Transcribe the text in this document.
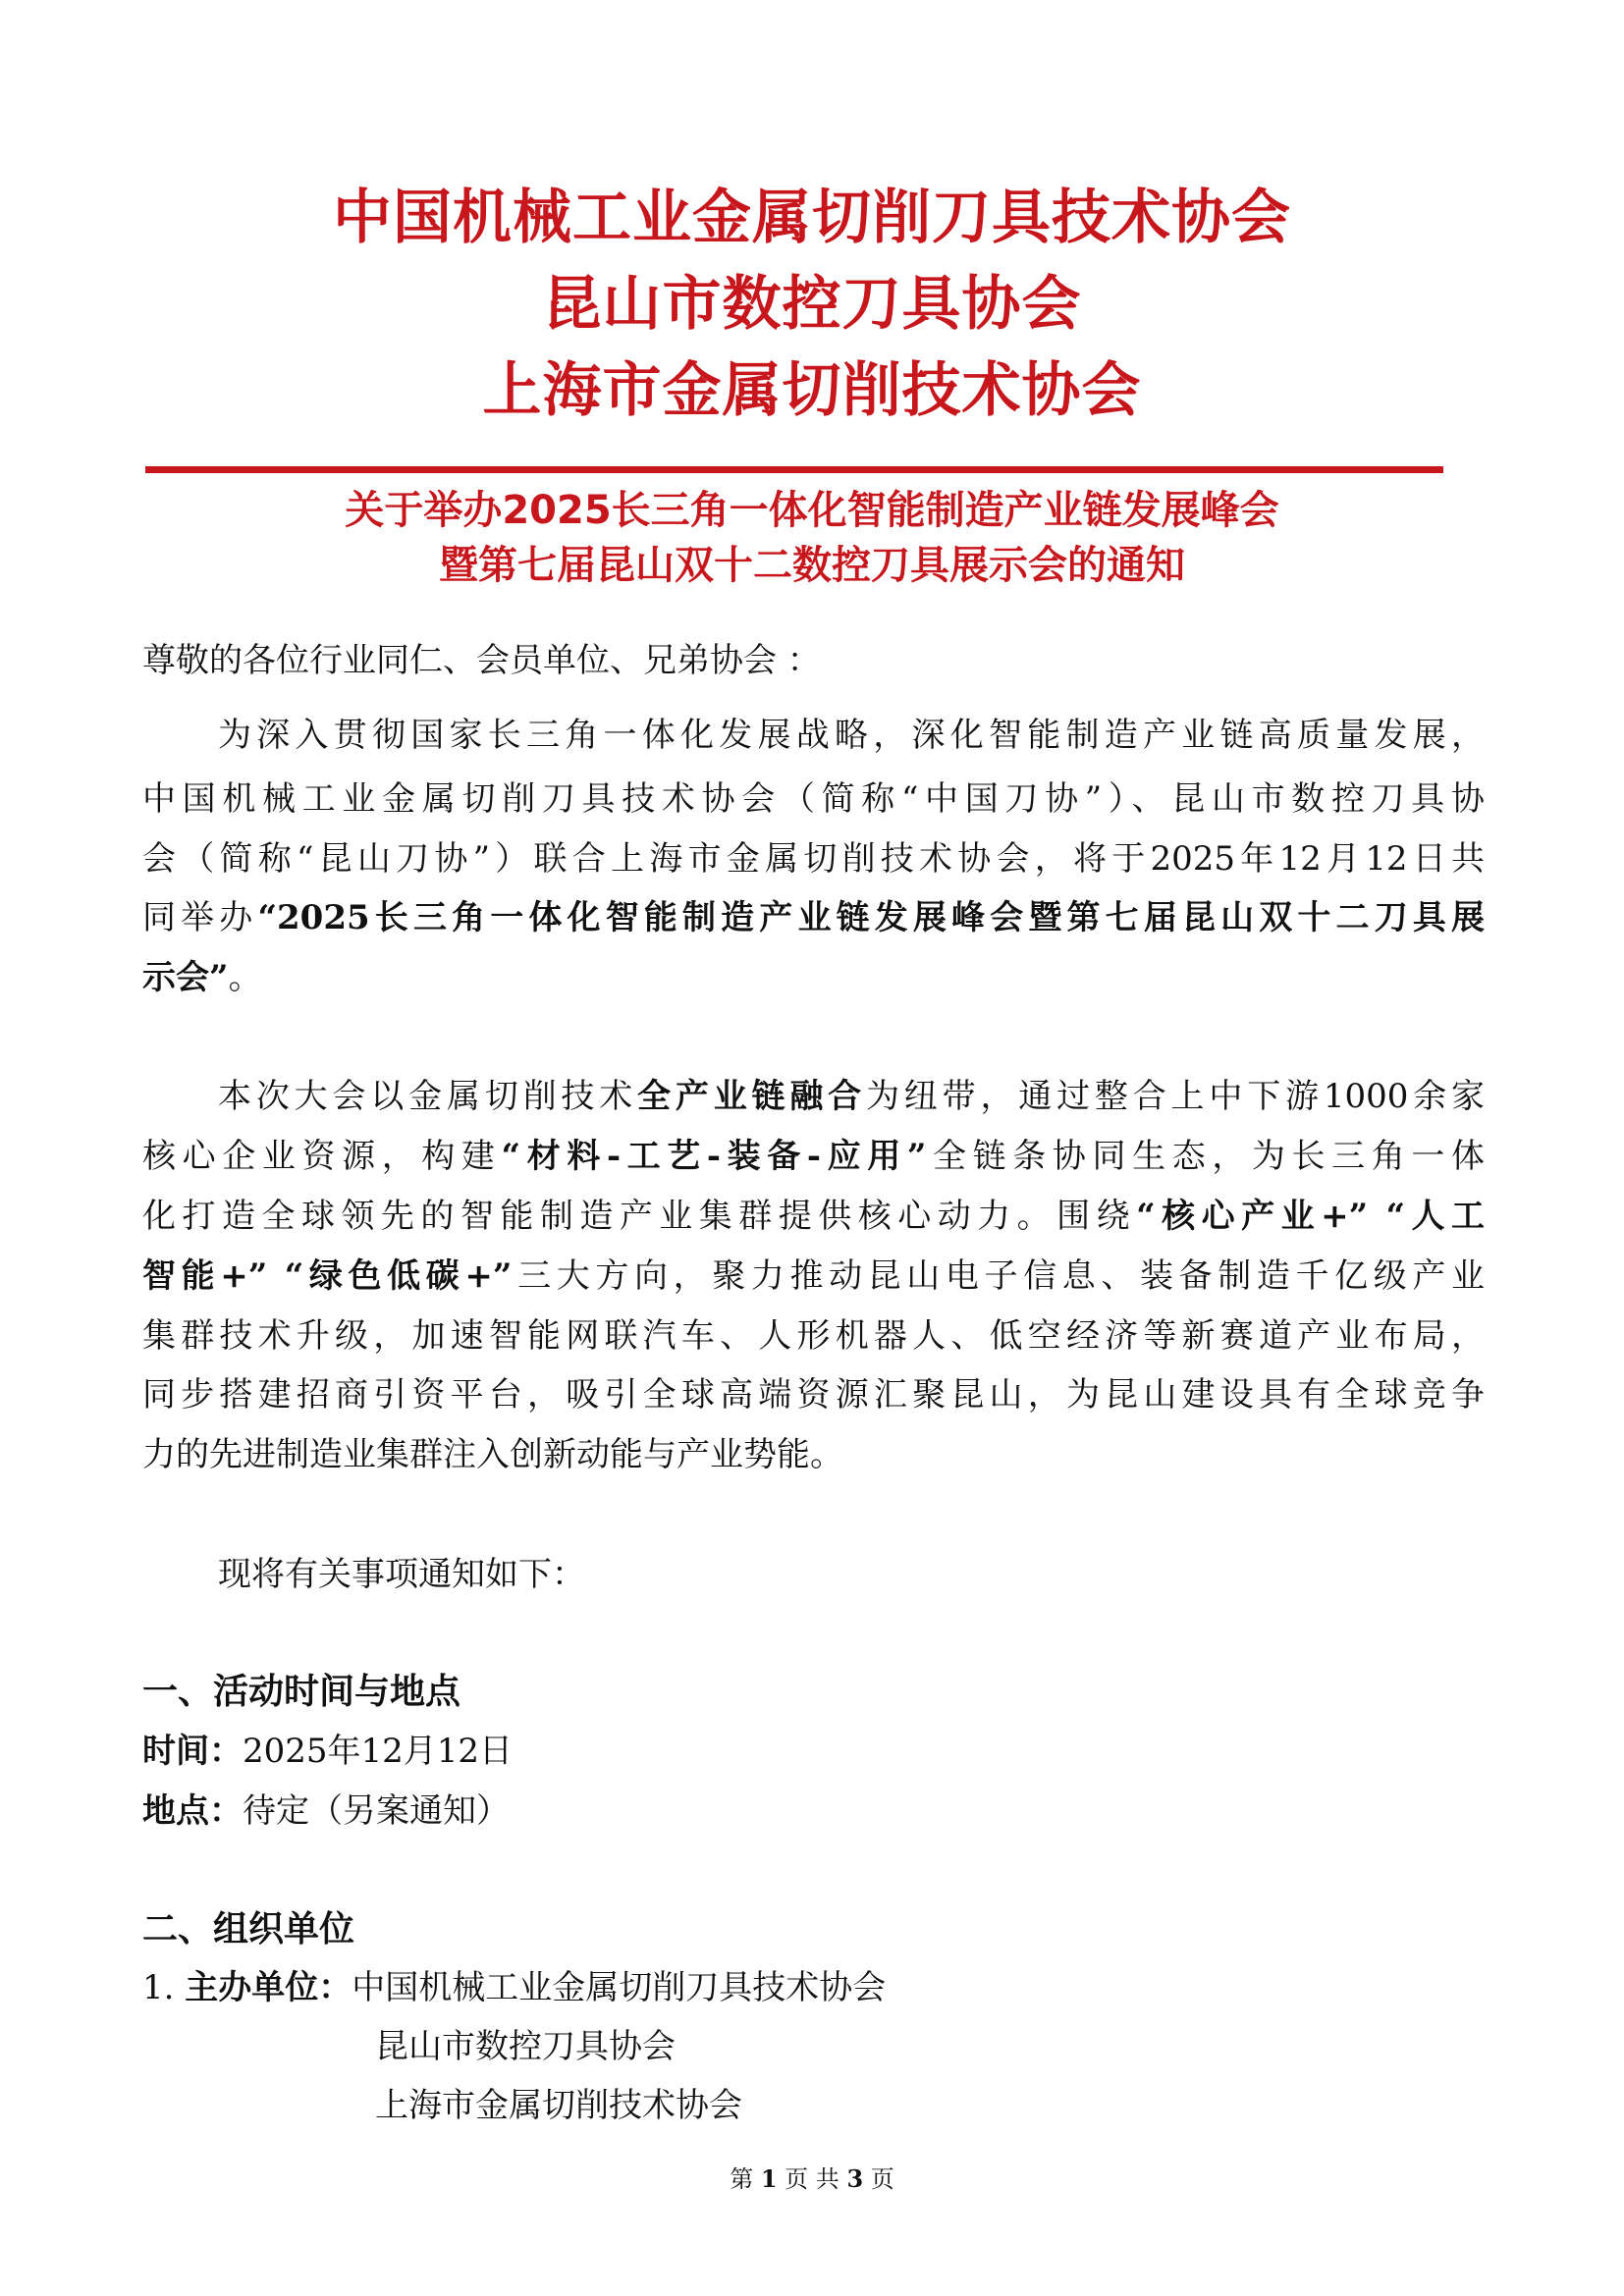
中国机械工业金属切削刀具技术协会
昆山市数控刀具协会
上海市金属切削技术协会
关于举办2025长三角一体化智能制造产业链发展峰会
暨第七届昆山双十二数控刀具展示会的通知
尊敬的各位行业同仁、会员单位、兄弟协会 ：
为深入贯彻国家长三角一体化发展战略，深化智能制造产业链高质量发展，
中国机械工业金属切削刀具技术协会（简称“中国刀协”）、昆山市数控刀具协
会（简称“昆山刀协”）联合上海市金属切削技术协会，将于2025年12月12日共
同举办“2025长三角一体化智能制造产业链发展峰会暨第七届昆山双十二刀具展
示会”。
本次大会以金属切削技术全产业链融合为纽带，通过整合上中下游1000余家
核心企业资源，构建“材料-工艺-装备-应用”全链条协同生态，为长三角一体
化打造全球领先的智能制造产业集群提供核心动力。围绕“核心产业+” “人工
智能+” “绿色低碳+”三大方向，聚力推动昆山电子信息、装备制造千亿级产业
集群技术升级，加速智能网联汽车、人形机器人、低空经济等新赛道产业布局，
同步搭建招商引资平台，吸引全球高端资源汇聚昆山，为昆山建设具有全球竞争
力的先进制造业集群注入创新动能与产业势能。
现将有关事项通知如下：
一、活动时间与地点
时间：2025年12月12日
地点：待定（另案通知）
二、组织单位
1. 主办单位：中国机械工业金属切削刀具技术协会
昆山市数控刀具协会
上海市金属切削技术协会
第 1 页 共 3 页
